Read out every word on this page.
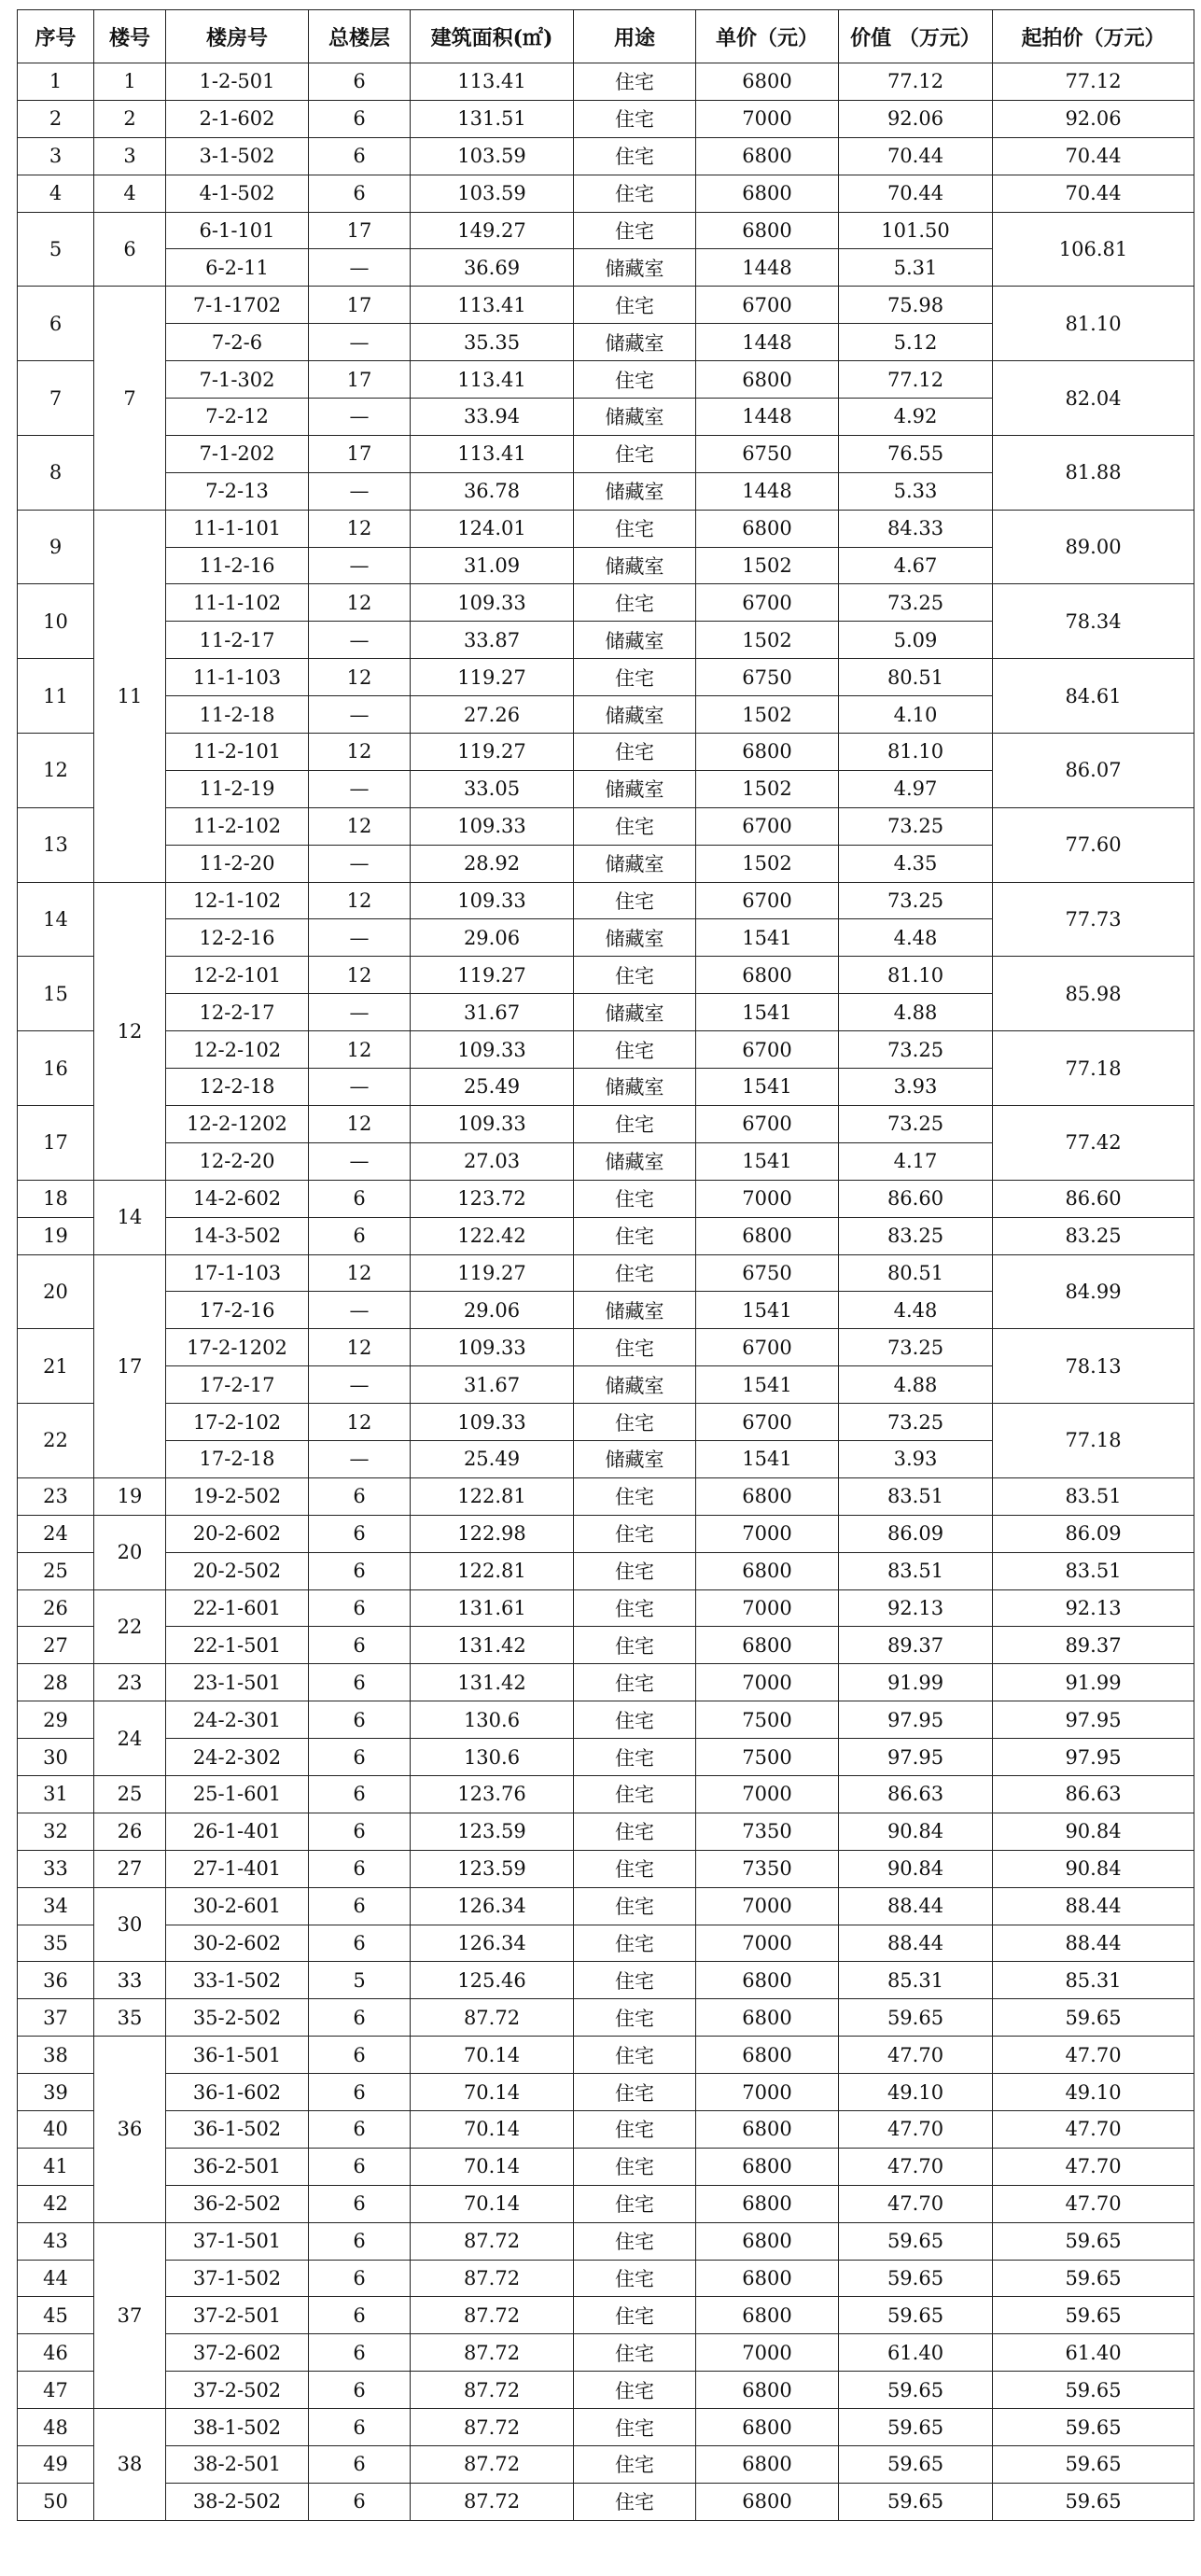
序号	楼号	楼房号	总楼层	建筑面积(㎡)	用途	单价（元）	价值 （万元）	起拍价（万元）
1	1	1-2-501	6	113.41	住宅	6800	77.12	77.12
2	2	2-1-602	6	131.51	住宅	7000	92.06	92.06
3	3	3-1-502	6	103.59	住宅	6800	70.44	70.44
4	4	4-1-502	6	103.59	住宅	6800	70.44	70.44
5	6	6-1-101	17	149.27	住宅	6800	101.50	106.81
		6-2-11	—	36.69	储藏室	1448	5.31	
6	7	7-1-1702	17	113.41	住宅	6700	75.98	81.10
		7-2-6	—	35.35	储藏室	1448	5.12	
7		7-1-302	17	113.41	住宅	6800	77.12	82.04
		7-2-12	—	33.94	储藏室	1448	4.92	
8		7-1-202	17	113.41	住宅	6750	76.55	81.88
		7-2-13	—	36.78	储藏室	1448	5.33	
9	11	11-1-101	12	124.01	住宅	6800	84.33	89.00
		11-2-16	—	31.09	储藏室	1502	4.67	
10		11-1-102	12	109.33	住宅	6700	73.25	78.34
		11-2-17	—	33.87	储藏室	1502	5.09	
11		11-1-103	12	119.27	住宅	6750	80.51	84.61
		11-2-18	—	27.26	储藏室	1502	4.10	
12		11-2-101	12	119.27	住宅	6800	81.10	86.07
		11-2-19	—	33.05	储藏室	1502	4.97	
13		11-2-102	12	109.33	住宅	6700	73.25	77.60
		11-2-20	—	28.92	储藏室	1502	4.35	
14	12	12-1-102	12	109.33	住宅	6700	73.25	77.73
		12-2-16	—	29.06	储藏室	1541	4.48	
15		12-2-101	12	119.27	住宅	6800	81.10	85.98
		12-2-17	—	31.67	储藏室	1541	4.88	
16		12-2-102	12	109.33	住宅	6700	73.25	77.18
		12-2-18	—	25.49	储藏室	1541	3.93	
17		12-2-1202	12	109.33	住宅	6700	73.25	77.42
		12-2-20	—	27.03	储藏室	1541	4.17	
18	14	14-2-602	6	123.72	住宅	7000	86.60	86.60
19		14-3-502	6	122.42	住宅	6800	83.25	83.25
20	17	17-1-103	12	119.27	住宅	6750	80.51	84.99
		17-2-16	—	29.06	储藏室	1541	4.48	
21		17-2-1202	12	109.33	住宅	6700	73.25	78.13
		17-2-17	—	31.67	储藏室	1541	4.88	
22		17-2-102	12	109.33	住宅	6700	73.25	77.18
		17-2-18	—	25.49	储藏室	1541	3.93	
23	19	19-2-502	6	122.81	住宅	6800	83.51	83.51
24	20	20-2-602	6	122.98	住宅	7000	86.09	86.09
25		20-2-502	6	122.81	住宅	6800	83.51	83.51
26	22	22-1-601	6	131.61	住宅	7000	92.13	92.13
27		22-1-501	6	131.42	住宅	6800	89.37	89.37
28	23	23-1-501	6	131.42	住宅	7000	91.99	91.99
29	24	24-2-301	6	130.6	住宅	7500	97.95	97.95
30		24-2-302	6	130.6	住宅	7500	97.95	97.95
31	25	25-1-601	6	123.76	住宅	7000	86.63	86.63
32	26	26-1-401	6	123.59	住宅	7350	90.84	90.84
33	27	27-1-401	6	123.59	住宅	7350	90.84	90.84
34	30	30-2-601	6	126.34	住宅	7000	88.44	88.44
35		30-2-602	6	126.34	住宅	7000	88.44	88.44
36	33	33-1-502	5	125.46	住宅	6800	85.31	85.31
37	35	35-2-502	6	87.72	住宅	6800	59.65	59.65
38	36	36-1-501	6	70.14	住宅	6800	47.70	47.70
39		36-1-602	6	70.14	住宅	7000	49.10	49.10
40		36-1-502	6	70.14	住宅	6800	47.70	47.70
41		36-2-501	6	70.14	住宅	6800	47.70	47.70
42		36-2-502	6	70.14	住宅	6800	47.70	47.70
43	37	37-1-501	6	87.72	住宅	6800	59.65	59.65
44		37-1-502	6	87.72	住宅	6800	59.65	59.65
45		37-2-501	6	87.72	住宅	6800	59.65	59.65
46		37-2-602	6	87.72	住宅	7000	61.40	61.40
47		37-2-502	6	87.72	住宅	6800	59.65	59.65
48	38	38-1-502	6	87.72	住宅	6800	59.65	59.65
49		38-2-501	6	87.72	住宅	6800	59.65	59.65
50		38-2-502	6	87.72	住宅	6800	59.65	59.65
